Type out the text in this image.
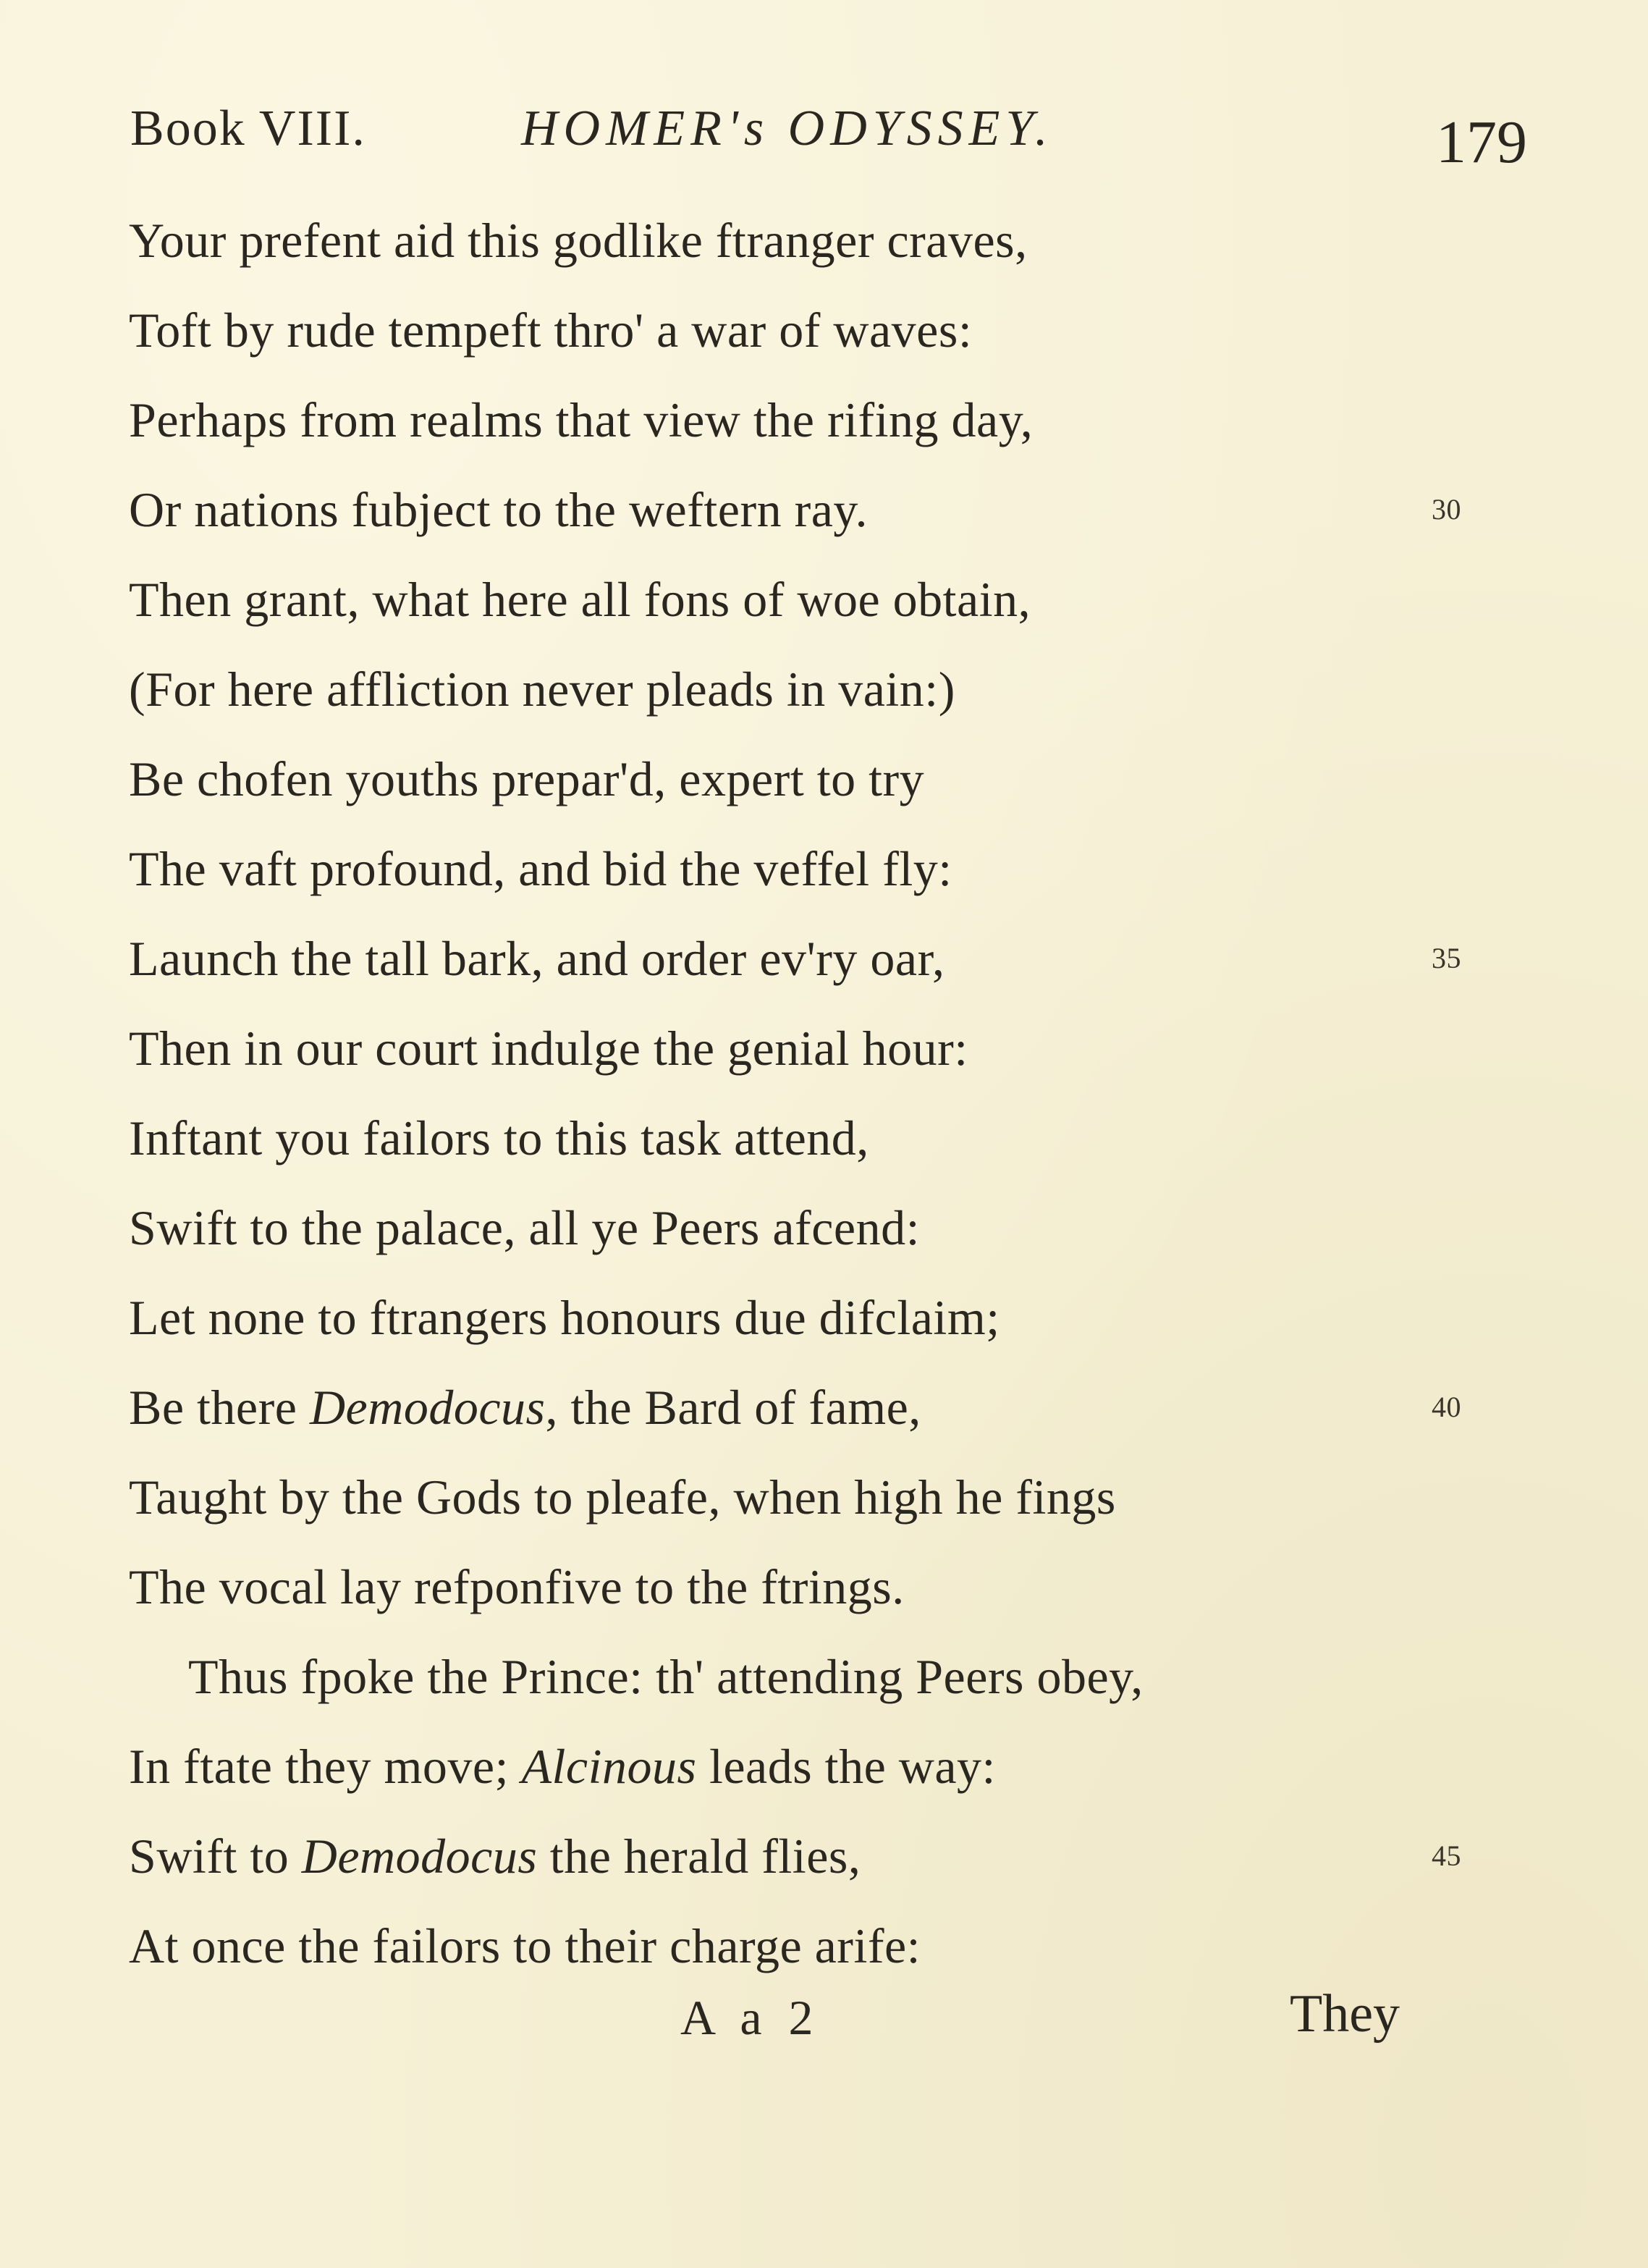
Book VIII.	HOMER's ODYSSEY.	179
Your prefent aid this godlike ftranger craves,
Toft by rude tempeft thro' a war of waves:
Perhaps from realms that view the rifing day,
Or nations fubject to the weftern ray.	30
Then grant, what here all fons of woe obtain,
(For here affliction never pleads in vain:)
Be chofen youths prepar'd, expert to try
The vaft profound, and bid the veffel fly:
Launch the tall bark, and order ev'ry oar,	35
Then in our court indulge the genial hour:
Inftant you failors to this task attend,
Swift to the palace, all ye Peers afcend:
Let none to ftrangers honours due difclaim;
Be there Demodocus, the Bard of fame,	40
Taught by the Gods to pleafe, when high he fings
The vocal lay refponfive to the ftrings.
Thus fpoke the Prince: th' attending Peers obey,
In ftate they move; Alcinous leads the way:
Swift to Demodocus the herald flies,	45
At once the failors to their charge arife:
A a 2	They
